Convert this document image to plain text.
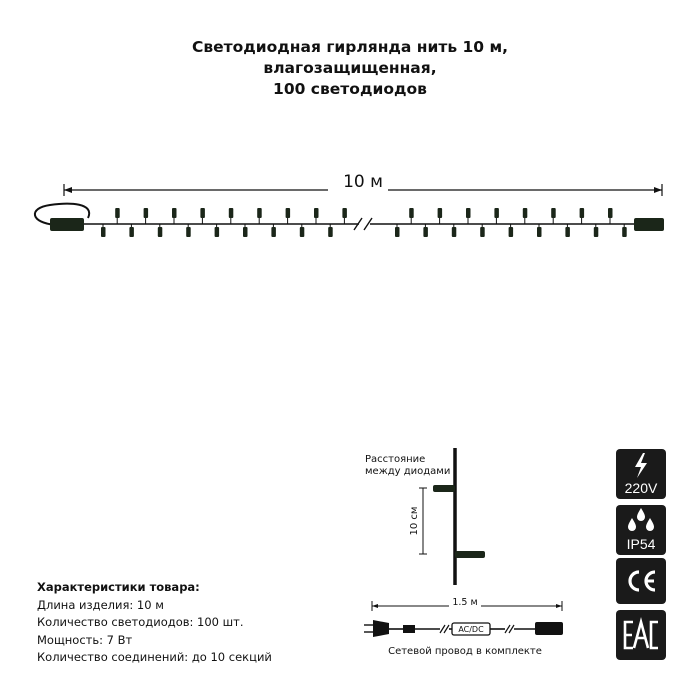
Светодиодная гирлянда нить 10 м,
влагозащищенная,
100 светодиодов
10 м
Расстояние
между диодами
10 см
1.5 м
AC/DC
Сетевой провод в комплекте
Характеристики товара:
Длина изделия: 10 м
Количество светодиодов: 100 шт.
Мощность: 7 Вт
Количество соединений: до 10 секций
220V
IP54
